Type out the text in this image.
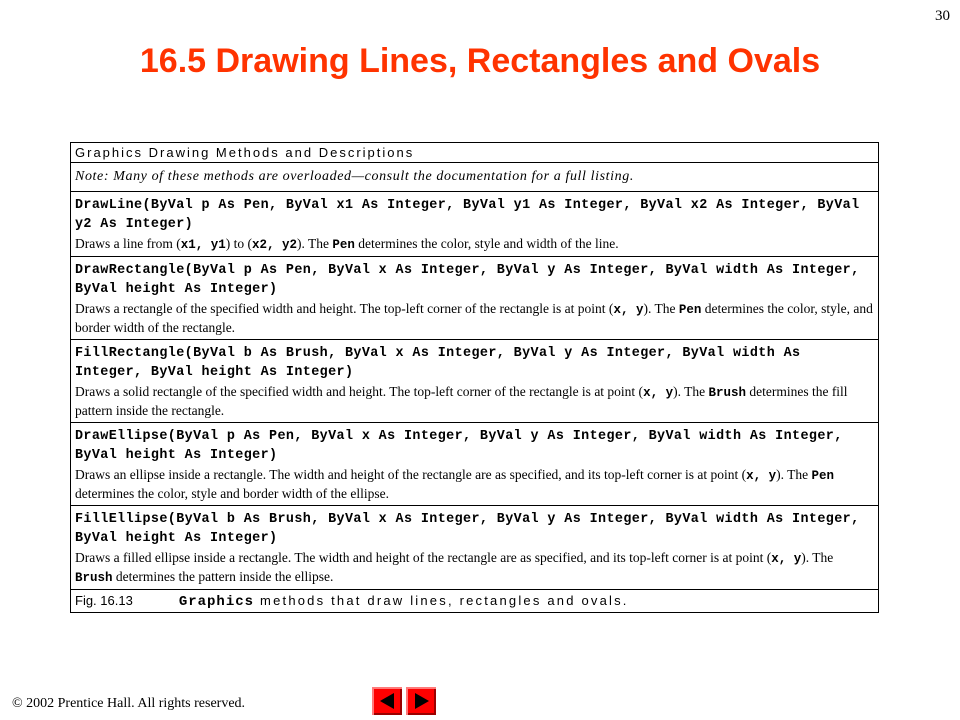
30
16.5 Drawing Lines, Rectangles and Ovals
Graphics Drawing Methods and Descriptions
Note: Many of these methods are overloaded—consult the documentation for a full listing.
DrawLine(ByVal p As Pen, ByVal x1 As Integer, ByVal y1 As Integer, ByVal x2 As Integer, ByVal y2 As Integer)
Draws a line from (x1, y1) to (x2, y2). The Pen determines the color, style and width of the line.
DrawRectangle(ByVal p As Pen, ByVal x As Integer, ByVal y As Integer, ByVal width As Integer, ByVal height As Integer)
Draws a rectangle of the specified width and height. The top-left corner of the rectangle is at point (x, y). The Pen determines the color, style, and border width of the rectangle.
FillRectangle(ByVal b As Brush, ByVal x As Integer, ByVal y As Integer, ByVal width As Integer, ByVal height As Integer)
Draws a solid rectangle of the specified width and height. The top-left corner of the rectangle is at point (x, y). The Brush determines the fill pattern inside the rectangle.
DrawEllipse(ByVal p As Pen, ByVal x As Integer, ByVal y As Integer, ByVal width As Integer, ByVal height As Integer)
Draws an ellipse inside a rectangle. The width and height of the rectangle are as specified, and its top-left corner is at point (x, y). The Pen determines the color, style and border width of the ellipse.
FillEllipse(ByVal b As Brush, ByVal x As Integer, ByVal y As Integer, ByVal width As Integer, ByVal height As Integer)
Draws a filled ellipse inside a rectangle. The width and height of the rectangle are as specified, and its top-left corner is at point (x, y). The Brush determines the pattern inside the ellipse.
Fig. 16.13	Graphics methods that draw lines, rectangles and ovals.
© 2002 Prentice Hall. All rights reserved.
